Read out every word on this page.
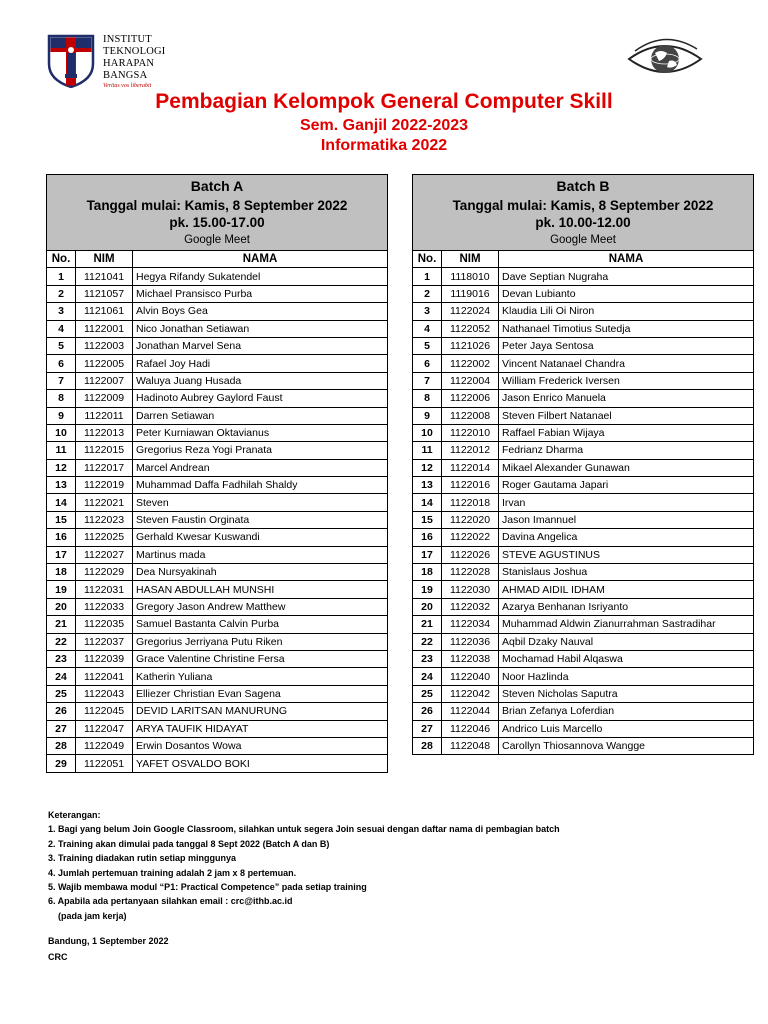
INSTITUT
TEKNOLOGI
HARAPAN
BANGSA
Veritas vos liberabit
Pembagian Kelompok General Computer Skill
Sem. Ganjil 2022-2023
Informatika 2022
Batch A		
Tanggal mulai: Kamis, 8 September 2022		
pk. 15.00-17.00		
Google Meet		
No.	NIM	NAMA
1	1121041	Hegya Rifandy Sukatendel
2	1121057	Michael Pransisco Purba
3	1121061	Alvin Boys Gea
4	1122001	Nico Jonathan Setiawan
5	1122003	Jonathan Marvel Sena
6	1122005	Rafael Joy Hadi
7	1122007	Waluya Juang Husada
8	1122009	Hadinoto Aubrey Gaylord Faust
9	1122011	Darren Setiawan
10	1122013	Peter Kurniawan Oktavianus
11	1122015	Gregorius Reza Yogi Pranata
12	1122017	Marcel Andrean
13	1122019	Muhammad Daffa Fadhilah Shaldy
14	1122021	Steven
15	1122023	Steven Faustin Orginata
16	1122025	Gerhald Kwesar Kuswandi
17	1122027	Martinus mada
18	1122029	Dea Nursyakinah
19	1122031	HASAN ABDULLAH MUNSHI
20	1122033	Gregory Jason Andrew Matthew
21	1122035	Samuel Bastanta Calvin Purba
22	1122037	Gregorius Jerriyana Putu Riken
23	1122039	Grace Valentine Christine Fersa
24	1122041	Katherin Yuliana
25	1122043	Elliezer Christian Evan Sagena
26	1122045	DEVID LARITSAN MANURUNG
27	1122047	ARYA TAUFIK HIDAYAT
28	1122049	Erwin Dosantos Wowa
29	1122051	YAFET OSVALDO BOKI
Batch B		
Tanggal mulai: Kamis, 8 September 2022		
pk. 10.00-12.00		
Google Meet		
No.	NIM	NAMA
1	1118010	Dave Septian Nugraha
2	1119016	Devan Lubianto
3	1122024	Klaudia Lili Oi Niron
4	1122052	Nathanael Timotius Sutedja
5	1121026	Peter Jaya Sentosa
6	1122002	Vincent Natanael Chandra
7	1122004	William Frederick Iversen
8	1122006	Jason Enrico Manuela
9	1122008	Steven Filbert Natanael
10	1122010	Raffael Fabian Wijaya
11	1122012	Fedrianz Dharma
12	1122014	Mikael Alexander Gunawan
13	1122016	Roger Gautama Japari
14	1122018	Irvan
15	1122020	Jason Imannuel
16	1122022	Davina Angelica
17	1122026	STEVE AGUSTINUS
18	1122028	Stanislaus Joshua
19	1122030	AHMAD AIDIL IDHAM
20	1122032	Azarya Benhanan Isriyanto
21	1122034	Muhammad Aldwin Zianurrahman Sastradihar
22	1122036	Aqbil Dzaky Nauval
23	1122038	Mochamad Habil Alqaswa
24	1122040	Noor Hazlinda
25	1122042	Steven Nicholas Saputra
26	1122044	Brian Zefanya Loferdian
27	1122046	Andrico Luis Marcello
28	1122048	Carollyn Thiosannova Wangge
Keterangan:
1. Bagi yang belum Join Google Classroom, silahkan untuk segera Join sesuai dengan daftar nama di pembagian batch
2. Training akan dimulai pada tanggal 8 Sept 2022 (Batch A dan B)
3. Training diadakan rutin setiap minggunya
4. Jumlah pertemuan training adalah 2 jam x 8 pertemuan.
5. Wajib membawa modul “P1: Practical Competence” pada setiap training
6. Apabila ada pertanyaan silahkan email : crc@ithb.ac.id
(pada jam kerja)
Bandung, 1 September 2022
CRC
